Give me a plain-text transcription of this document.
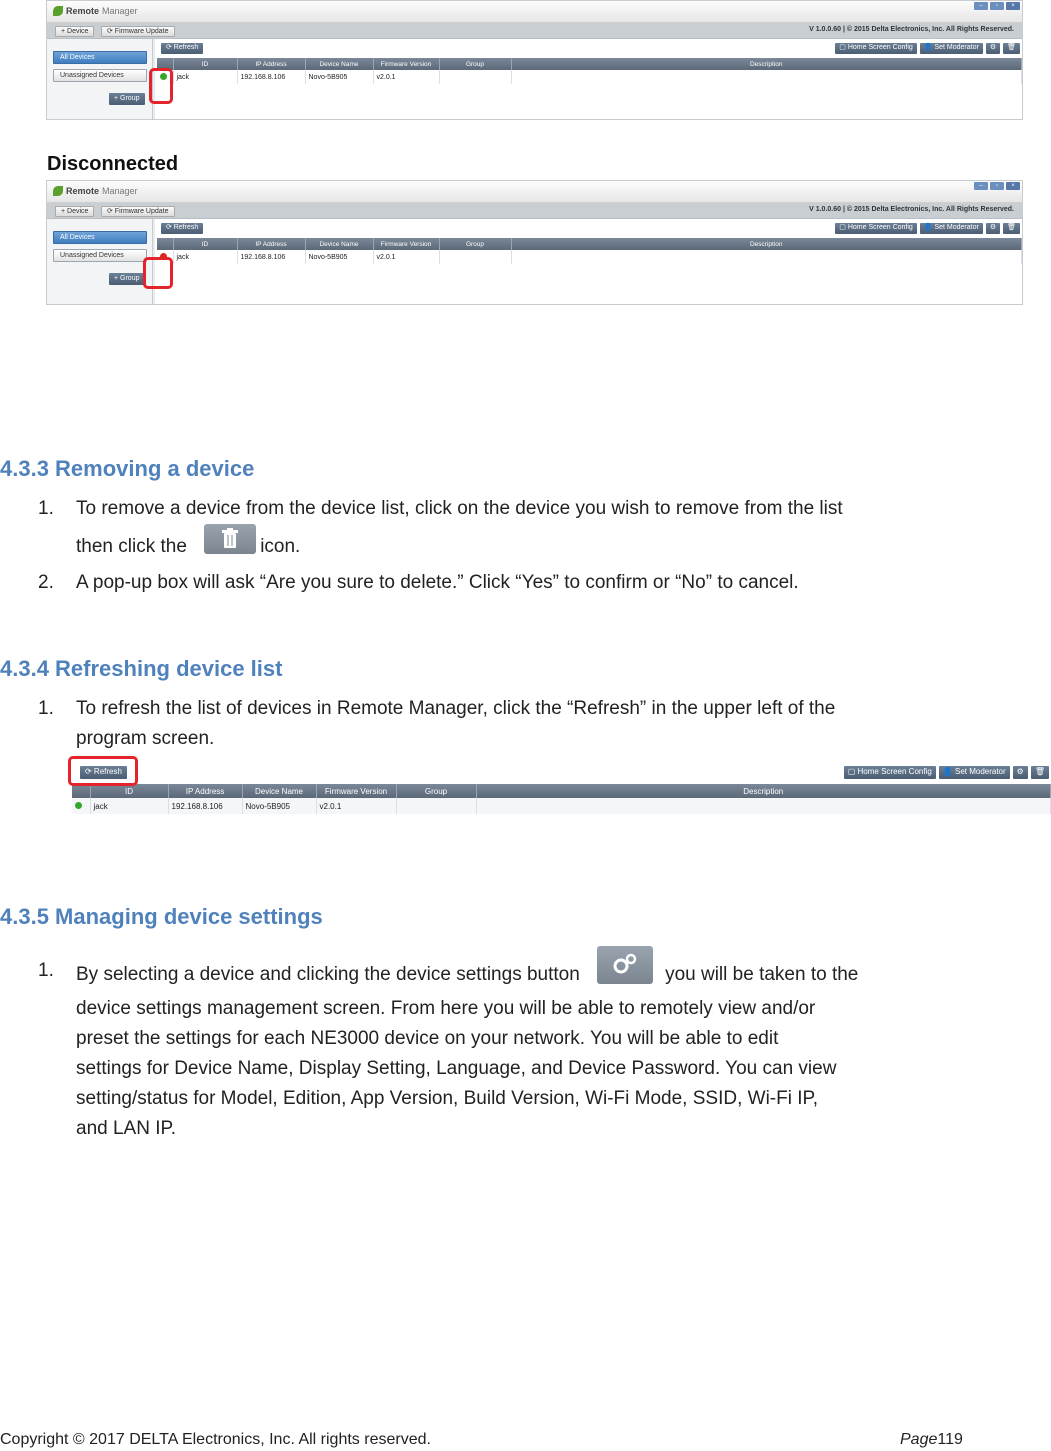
Remote Manager	–	▫	×
+ Device	⟳ Firmware Update	V 1.0.0.60 | © 2015 Delta Electronics, Inc. All Rights Reserved.
All Devices
Unassigned Devices
+ Group
⟳ Refresh	▢ Home Screen Config	👤 Set Moderator	⚙	🗑
	ID	IP Address	Device Name	Firmware Version	Group	Description
	jack	192.168.8.106	Novo-5B905	v2.0.1		
Disconnected
Remote Manager	–	▫	×
+ Device	⟳ Firmware Update	V 1.0.0.60 | © 2015 Delta Electronics, Inc. All Rights Reserved.
All Devices
Unassigned Devices
+ Group
⟳ Refresh	▢ Home Screen Config	👤 Set Moderator	⚙	🗑
	ID	IP Address	Device Name	Firmware Version	Group	Description
	jack	192.168.8.106	Novo-5B905	v2.0.1		
4.3.3 Removing a device
1. To remove a device from the device list, click on the device you wish to remove from the list
then click the	icon.
2. A pop-up box will ask “Are you sure to delete.” Click “Yes” to confirm or “No” to cancel.
4.3.4 Refreshing device list
1. To refresh the list of devices in Remote Manager, click the “Refresh” in the upper left of the
program screen.
⟳ Refresh	▢ Home Screen Config	👤 Set Moderator	⚙	🗑
	ID	IP Address	Device Name	Firmware Version	Group	Description
	jack	192.168.8.106	Novo-5B905	v2.0.1		
4.3.5 Managing device settings
1. By selecting a device and clicking the device settings button	you will be taken to the
device settings management screen. From here you will be able to remotely view and/or
preset the settings for each NE3000 device on your network. You will be able to edit
settings for Device Name, Display Setting, Language, and Device Password. You can view
setting/status for Model, Edition, App Version, Build Version, Wi-Fi Mode, SSID, Wi-Fi IP,
and LAN IP.
Copyright © 2017 DELTA Electronics, Inc. All rights reserved.	Page119
